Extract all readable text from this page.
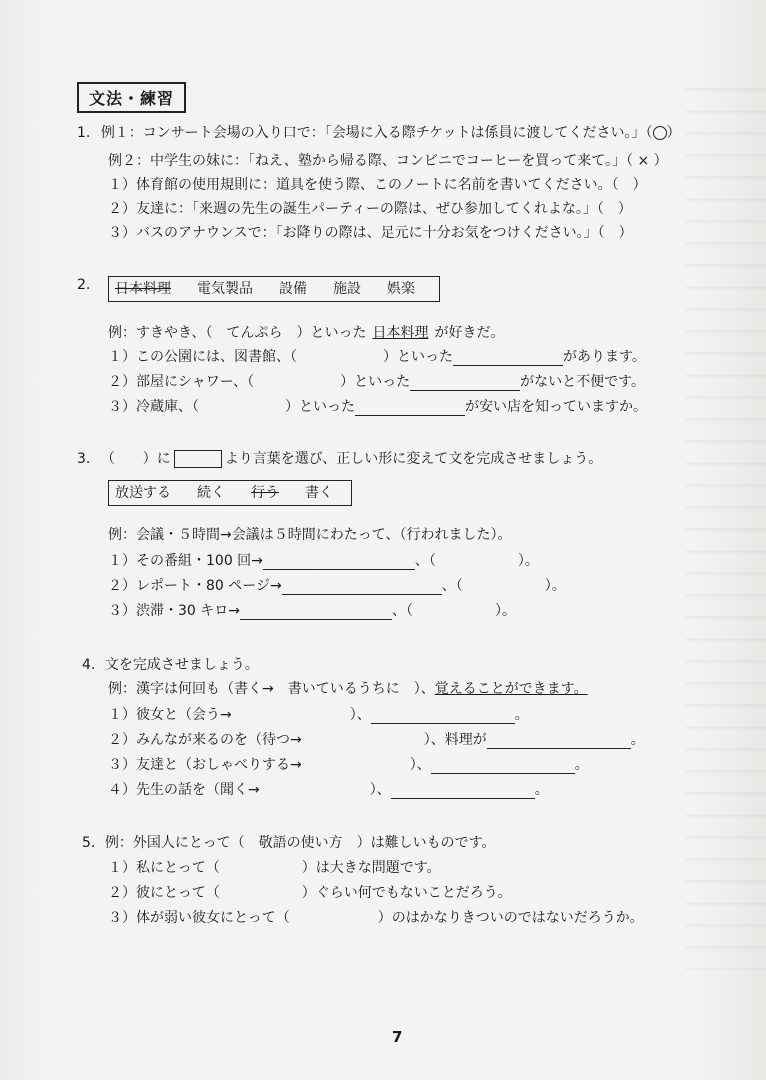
文法・練習
1. 例１：コンサート会場の入り口で：「会場に入る際チケットは係員に渡してください。」（○）
例２：中学生の妹に：「ねえ、塾から帰る際、コンビニでコーヒーを買って来て。」（ × ）
１）体育館の使用規則に：道具を使う際、このノートに名前を書いてください。（　）
２）友達に：「来週の先生の誕生パーティーの際は、ぜひ参加してくれよな。」（　）
３）バスのアナウンスで：「お降りの際は、足元に十分お気をつけください。」（　）
2. 日本料理 電気製品 設備 施設 娯楽
例：すきやき、（　てんぷら　）といった 日本料理 が好きだ。
１）この公園には、図書館、（	）といった	があります。
２）部屋にシャワー、（	）といった	がないと不便です。
３）冷蔵庫、（	）といった	が安い店を知っていますか。
3. （　　）に	より言葉を選び、正しい形に変えて文を完成させましょう。
放送する 続く 行う 書く
例：会議・５時間→会議は５時間にわたって、（行われました）。
１）その番組・100 回→	、（	）。
２）レポート・80 ページ→	、（	）。
３）渋滞・30 キロ→	、（	）。
4．文を完成させましょう。
例：漢字は何回も（書く→　書いているうちに　）、覚えることができます。
１）彼女と（会う→	）、	。
２）みんなが来るのを（待つ→	）、料理が	。
３）友達と（おしゃべりする→	）、	。
４）先生の話を（聞く→	）、	。
5．例：外国人にとって（　敬語の使い方　）は難しいものです。
１）私にとって（	）は大きな問題です。
２）彼にとって（	）ぐらい何でもないことだろう。
３）体が弱い彼女にとって（	）のはかなりきついのではないだろうか。
7
